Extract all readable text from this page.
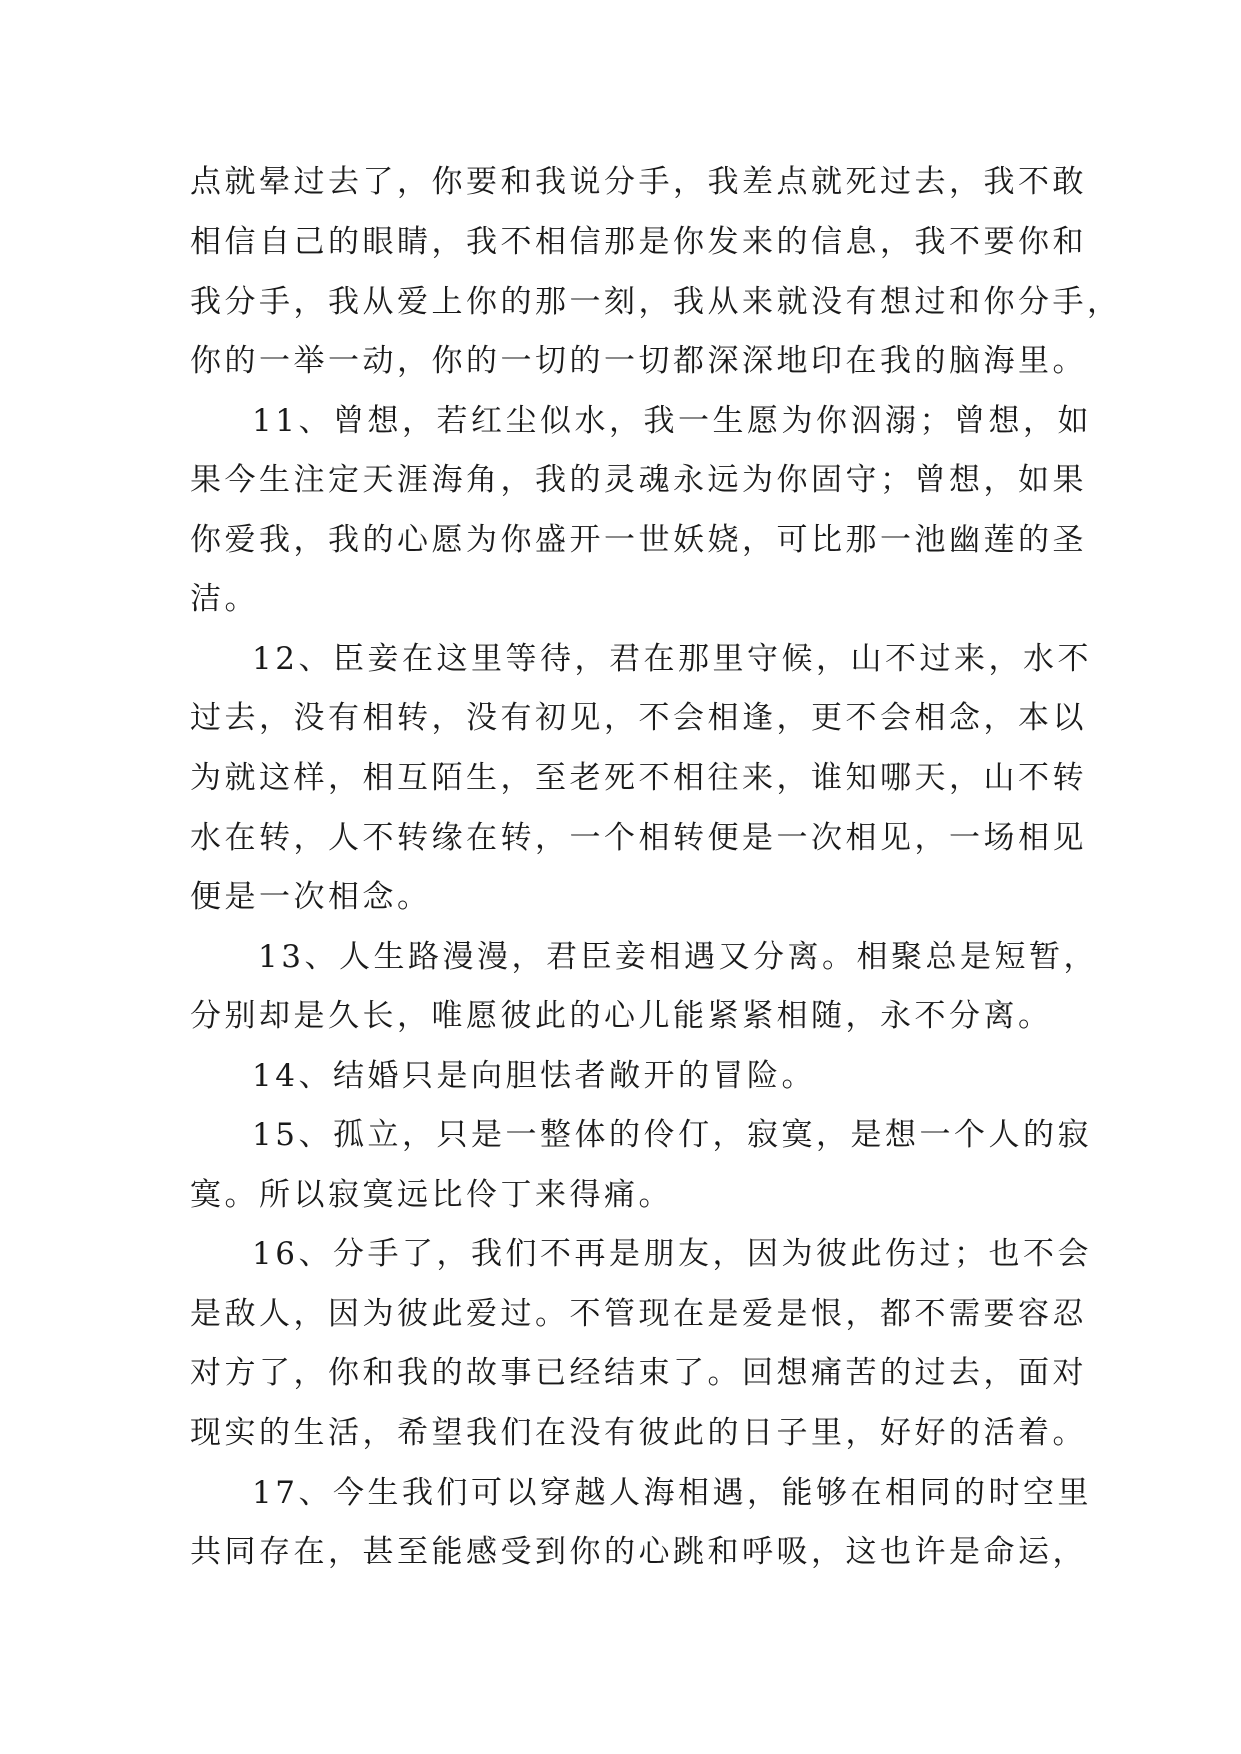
点就晕过去了，你要和我说分手，我差点就死过去，我不敢
相信自己的眼睛，我不相信那是你发来的信息，我不要你和
我分手，我从爱上你的那一刻，我从来就没有想过和你分手，
你的一举一动，你的一切的一切都深深地印在我的脑海里。
11、曾想，若红尘似水，我一生愿为你泅溺；曾想，如
果今生注定天涯海角，我的灵魂永远为你固守；曾想，如果
你爱我，我的心愿为你盛开一世妖娆，可比那一池幽莲的圣
洁。
12、臣妾在这里等待，君在那里守候，山不过来，水不
过去，没有相转，没有初见，不会相逢，更不会相念，本以
为就这样，相互陌生，至老死不相往来，谁知哪天，山不转
水在转，人不转缘在转，一个相转便是一次相见，一场相见
便是一次相念。
13、人生路漫漫，君臣妾相遇又分离。相聚总是短暂，
分别却是久长，唯愿彼此的心儿能紧紧相随，永不分离。
14、结婚只是向胆怯者敞开的冒险。
15、孤立，只是一整体的伶仃，寂寞，是想一个人的寂
寞。所以寂寞远比伶丁来得痛。
16、分手了，我们不再是朋友，因为彼此伤过；也不会
是敌人，因为彼此爱过。不管现在是爱是恨，都不需要容忍
对方了，你和我的故事已经结束了。回想痛苦的过去，面对
现实的生活，希望我们在没有彼此的日子里，好好的活着。
17、今生我们可以穿越人海相遇，能够在相同的时空里
共同存在，甚至能感受到你的心跳和呼吸，这也许是命运，
